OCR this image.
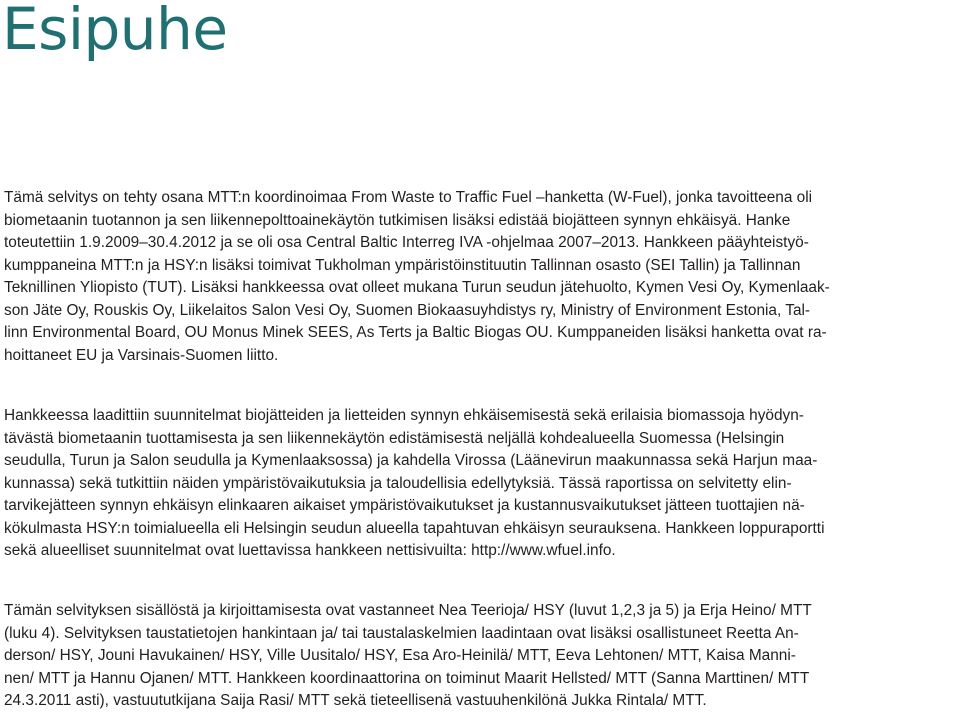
Esipuhe

Tämä selvitys on tehty osana MTT:n koordinoimaa From Waste to Traffic Fuel –hanketta (W-Fuel), jonka tavoitteena oli
biometaanin tuotannon ja sen liikennepolttoainekäytön tutkimisen lisäksi edistää biojätteen synnyn ehkäisyä. Hanke
toteutettiin 1.9.2009–30.4.2012 ja se oli osa Central Baltic Interreg IVA -ohjelmaa 2007–2013. Hankkeen pääyhteistyö-
kumppaneina MTT:n ja HSY:n lisäksi toimivat Tukholman ympäristöinstituutin Tallinnan osasto (SEI Tallin) ja Tallinnan
Teknillinen Yliopisto (TUT). Lisäksi hankkeessa ovat olleet mukana Turun seudun jätehuolto, Kymen Vesi Oy, Kymenlaak-
son Jäte Oy, Rouskis Oy, Liikelaitos Salon Vesi Oy, Suomen Biokaasuyhdistys ry, Ministry of Environment Estonia, Tal-
linn Environmental Board, OU Monus Minek SEES, As Terts ja Baltic Biogas OU. Kumppaneiden lisäksi hanketta ovat ra-
hoittaneet EU ja Varsinais-Suomen liitto.

Hankkeessa laadittiin suunnitelmat biojätteiden ja lietteiden synnyn ehkäisemisestä sekä erilaisia biomassoja hyödyn-
tävästä biometaanin tuottamisesta ja sen liikennekäytön edistämisestä neljällä kohdealueella Suomessa (Helsingin
seudulla, Turun ja Salon seudulla ja Kymenlaaksossa) ja kahdella Virossa (Läänevirun maakunnassa sekä Harjun maa-
kunnassa) sekä tutkittiin näiden ympäristövaikutuksia ja taloudellisia edellytyksiä. Tässä raportissa on selvitetty elin-
tarvikejätteen synnyn ehkäisyn elinkaaren aikaiset ympäristövaikutukset ja kustannusvaikutukset jätteen tuottajien nä-
kökulmasta HSY:n toimialueella eli Helsingin seudun alueella tapahtuvan ehkäisyn seurauksena. Hankkeen loppuraportti
sekä alueelliset suunnitelmat ovat luettavissa hankkeen nettisivuilta: http://www.wfuel.info.

Tämän selvityksen sisällöstä ja kirjoittamisesta ovat vastanneet Nea Teerioja/ HSY (luvut 1,2,3 ja 5) ja Erja Heino/ MTT
(luku 4). Selvityksen taustatietojen hankintaan ja/ tai taustalaskelmien laadintaan ovat lisäksi osallistuneet Reetta An-
derson/ HSY, Jouni Havukainen/ HSY, Ville Uusitalo/ HSY, Esa Aro-Heinilä/ MTT, Eeva Lehtonen/ MTT, Kaisa Manni-
nen/ MTT ja Hannu Ojanen/ MTT. Hankkeen koordinaattorina on toiminut Maarit Hellsted/ MTT (Sanna Marttinen/ MTT
24.3.2011 asti), vastuututkijana Saija Rasi/ MTT sekä tieteellisenä vastuuhenkilönä Jukka Rintala/ MTT.
